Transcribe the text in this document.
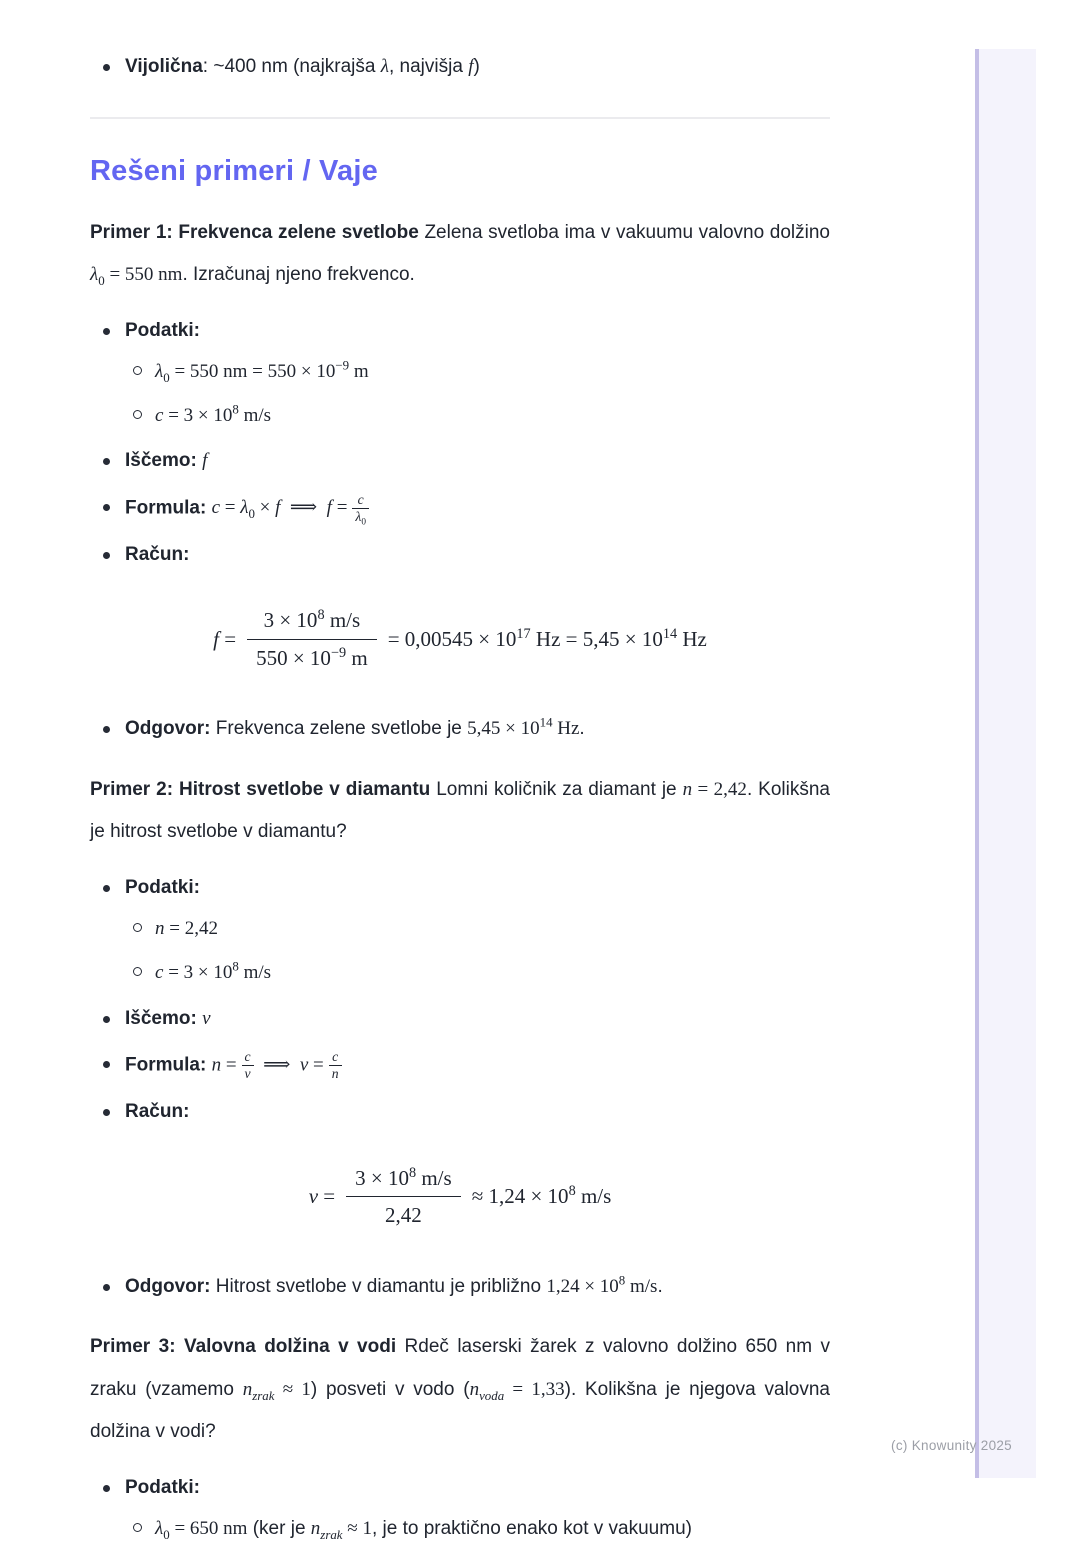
Vijolična: ~400 nm (najkrajša λ, najvišja f)
Rešeni primeri / Vaje

Primer 1: Frekvenca zelene svetlobe Zelena svetloba ima v vakuumu valovno dolžino $\lambda_0 = 550$ nm. Izračunaj njeno frekvenco.

Podatki:
$\lambda_0 = 550$ nm = $550 \times 10^{-9}$ m
$c = 3 \times 10^8$ m/s
Iščemo: f
Formula: $c = \lambda_0 \times f$ ⟹ $f = \frac{c}{\lambda_0}$
Račun:
$f = \frac{3 \times 10^8 m/s}{550 \times 10^{-9} m} = 0,00545 \times 10^{17}$ $Hz = 5,45 \times 10^{14}$ Hz
Odgovor: Frekvenca zelene svetlobe je $5,45 \times 10^{14}$ Hz.

Primer 2: Hitrost svetlobe v diamantu Lomni količnik za diamant je n = 2,42. Kolikšna je hitrost svetlobe v diamantu?

Podatki:
n = 2,42
$c = 3 \times 10^8$ m/s
Iščemo: v
Formula: $n = \frac{c}{v}$  ⟹ $v = \frac{c}{n}$
Račun:
$v = \frac{3 \times 10^8 m/s}{2,42} \approx 1,24 \times 10^8$ m/s
Odgovor: Hitrost svetlobe v diamantu je približno $1,24 \times 10^8$ m/s.

Primer 3: Valovna dolžina v vodi Rdeč laserski žarek z valovno dolžino 650 nm v zraku (vzamemo $n_{zrak} \approx 1$) posveti v vodo $(n_{voda} = 1,33)$. Kolikšna je njegova valovna dolžina v vodi?

Podatki:
$\lambda_0 = 650$ nm (ker je $n_{zrak} \approx 1$, je to praktično enako kot v vakuumu)
(c) Knowunity 2025
